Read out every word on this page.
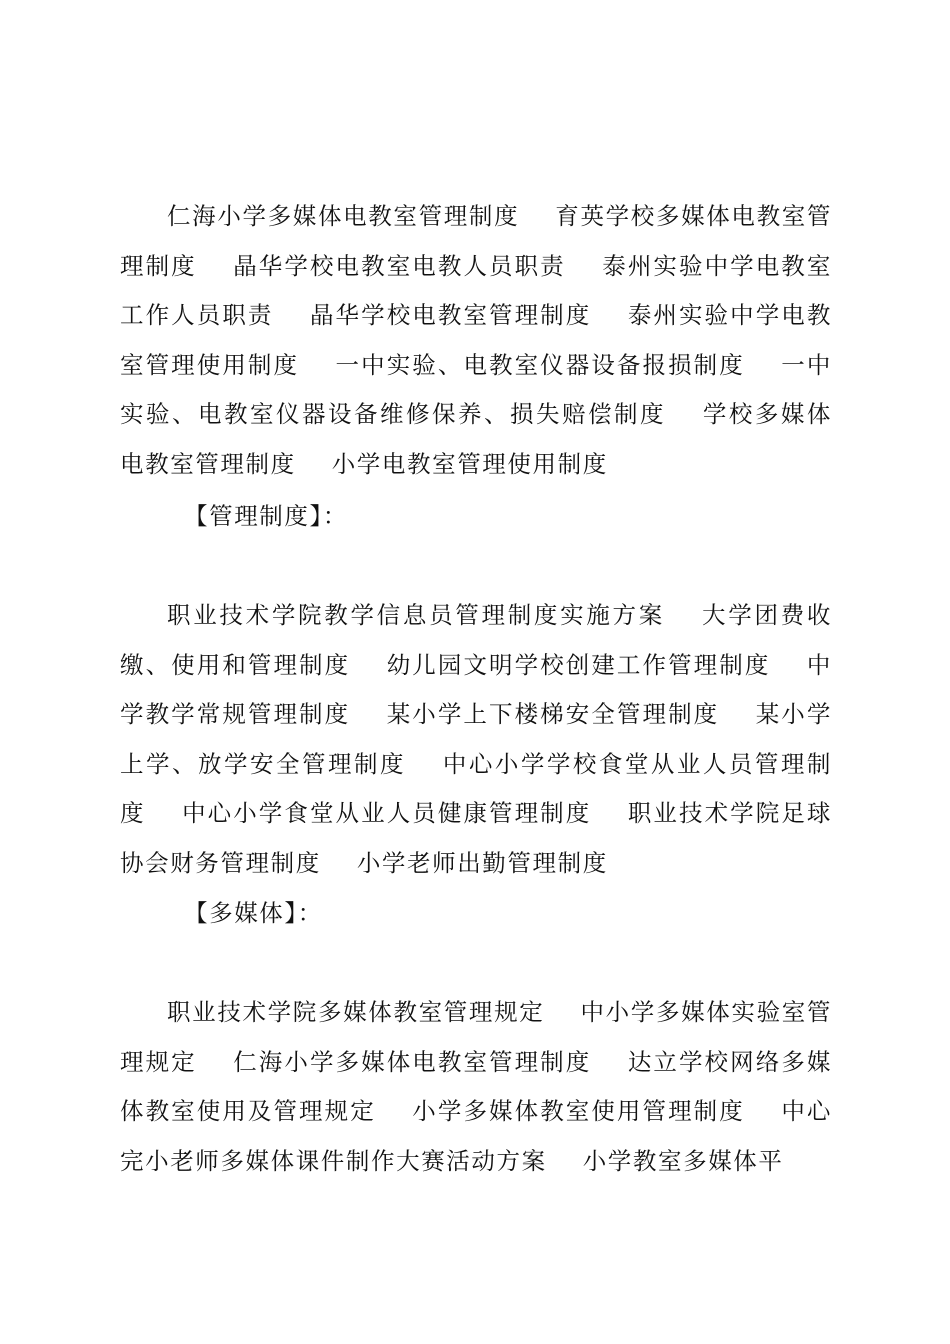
仁海小学多媒体电教室管理制度 育英学校多媒体电教室管理制度 晶华学校电教室电教人员职责 泰州实验中学电教室工作人员职责 晶华学校电教室管理制度 泰州实验中学电教室管理使用制度 一中实验、电教室仪器设备报损制度 一中实验、电教室仪器设备维修保养、损失赔偿制度 学校多媒体电教室管理制度 小学电教室管理使用制度

【管理制度】：

职业技术学院教学信息员管理制度实施方案 大学团费收缴、使用和管理制度 幼儿园文明学校创建工作管理制度 中学教学常规管理制度 某小学上下楼梯安全管理制度 某小学上学、放学安全管理制度 中心小学学校食堂从业人员管理制度 中心小学食堂从业人员健康管理制度 职业技术学院足球协会财务管理制度 小学老师出勤管理制度

【多媒体】：

职业技术学院多媒体教室管理规定 中小学多媒体实验室管理规定 仁海小学多媒体电教室管理制度 达立学校网络多媒体教室使用及管理规定 小学多媒体教室使用管理制度 中心完小老师多媒体课件制作大赛活动方案 小学教室多媒体平
